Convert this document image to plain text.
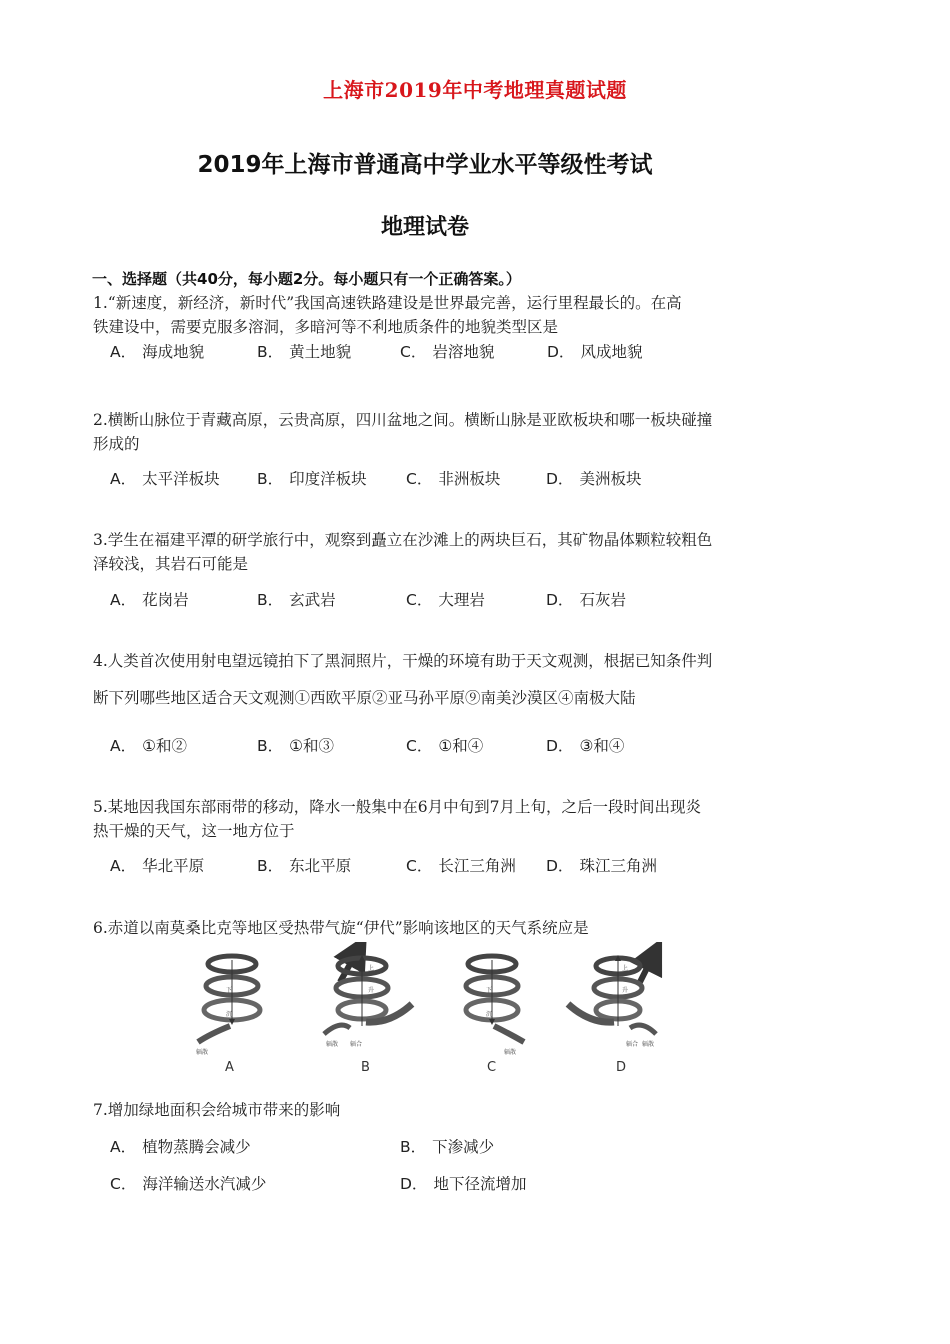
上海市2019年中考地理真题试题
2019年上海市普通高中学业水平等级性考试
地理试卷
一、选择题（共40分，每小题2分。每小题只有一个正确答案。）
1.“新速度，新经济，新时代”我国高速铁路建设是世界最完善，运行里程最长的。在高
铁建设中，需要克服多溶洞，多暗河等不利地质条件的地貌类型区是
A． 海成地貌	B． 黄土地貌	C． 岩溶地貌	D． 风成地貌
2.横断山脉位于青藏高原，云贵高原，四川盆地之间。横断山脉是亚欧板块和哪一板块碰撞
形成的
A． 太平洋板块 B． 印度洋板块	C． 非洲板块	D． 美洲板块
3.学生在福建平潭的研学旅行中，观察到矗立在沙滩上的两块巨石，其矿物晶体颗粒较粗色
泽较浅，其岩石可能是
A． 花岗岩	B． 玄武岩	C． 大理岩	D． 石灰岩
4.人类首次使用射电望远镜拍下了黑洞照片，干燥的环境有助于天文观测，根据已知条件判
断下列哪些地区适合天文观测①西欧平原②亚马孙平原⑨南美沙漠区④南极大陆
A． ①和②	B． ①和③	C． ①和④	D． ③和④
5.某地因我国东部雨带的移动，降水一般集中在6月中旬到7月上旬，之后一段时间出现炎
热干燥的天气，这一地方位于
A． 华北平原	B． 东北平原	C． 长江三角洲 D． 珠江三角洲
6.赤道以南莫桑比克等地区受热带气旋“伊代”影响该地区的天气系统应是
下
沉
辐散
上
升
辐散 辐合
下
沉
辐散
上
升
辐合 辐散
A	B	C	D
7.增加绿地面积会给城市带来的影响
A． 植物蒸腾会减少	B． 下渗减少
C． 海洋输送水汽减少	D． 地下径流增加
